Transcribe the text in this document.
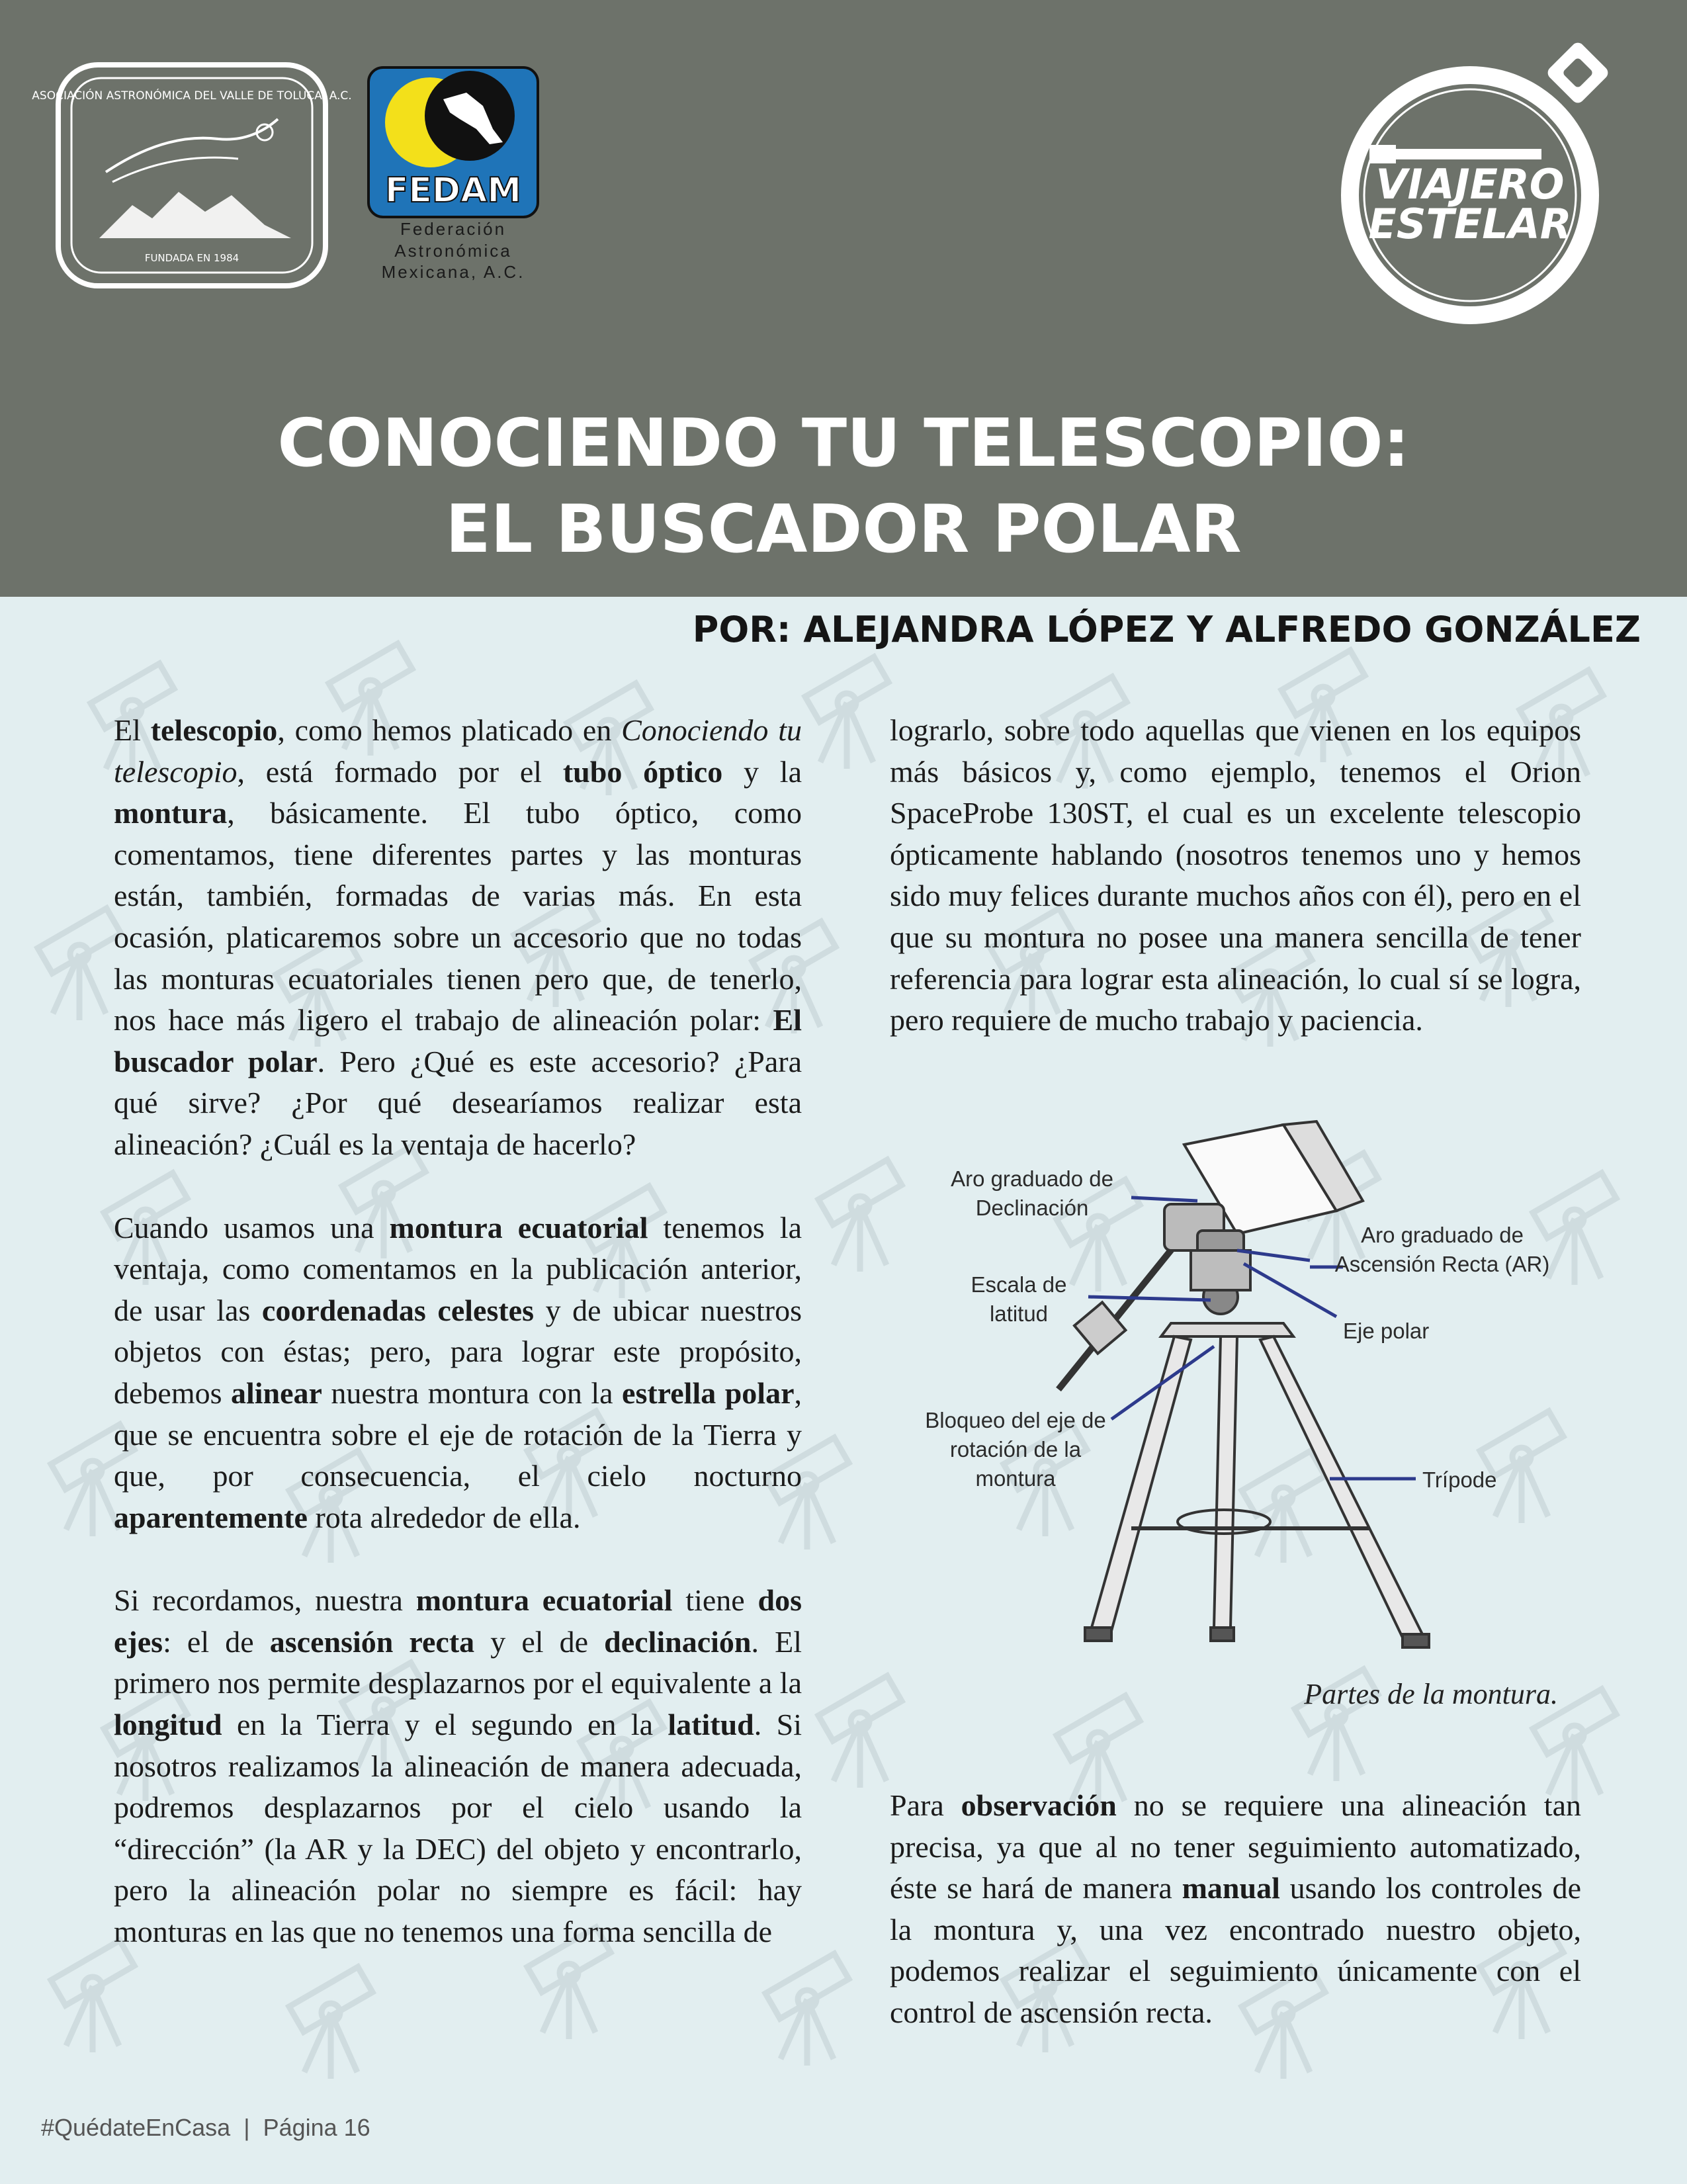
FUNDADA EN 1984
ASOCIACIÓN ASTRONÓMICA DEL VALLE DE TOLUCA, A.C.
FEDAM
Federación
Astronómica
Mexicana, A.C.
VIAJERO
ESTELAR
CONOCIENDO TU TELESCOPIO:
EL BUSCADOR POLAR
POR: ALEJANDRA LÓPEZ Y ALFREDO GONZÁLEZ

El telescopio, como hemos platicado en Conociendo tu telescopio, está formado por el tubo óptico y la montura, básicamente. El tubo óptico, como comentamos, tiene diferentes partes y las monturas están, también, formadas de varias más. En esta ocasión, platicaremos sobre un accesorio que no todas las monturas ecuatoriales tienen pero que, de tenerlo, nos hace más ligero el trabajo de alineación polar: El buscador polar. Pero ¿Qué es este accesorio? ¿Para qué sirve? ¿Por qué desearíamos realizar esta alineación? ¿Cuál es la ventaja de hacerlo?

Cuando usamos una montura ecuatorial tenemos la ventaja, como comentamos en la publicación anterior, de usar las coordenadas celestes y de ubicar nuestros objetos con éstas; pero, para lograr este propósito, debemos alinear nuestra montura con la estrella polar, que se encuentra sobre el eje de rotación de la Tierra y que, por consecuencia, el cielo nocturno aparentemente rota alrededor de ella.

Si recordamos, nuestra montura ecuatorial tiene dos ejes: el de ascensión recta y el de declinación. El primero nos permite desplazarnos por el equivalente a la longitud en la Tierra y el segundo en la latitud. Si nosotros realizamos la alineación de manera adecuada, podremos desplazarnos por el cielo usando la “dirección” (la AR y la DEC) del objeto y encontrarlo, pero la alineación polar no siempre es fácil: hay monturas en las que no tenemos una forma sencilla de

lograrlo, sobre todo aquellas que vienen en los equipos más básicos y, como ejemplo, tenemos el Orion SpaceProbe 130ST, el cual es un excelente telescopio ópticamente hablando (nosotros tenemos uno y hemos sido muy felices durante muchos años con él), pero en el que su montura no posee una manera sencilla de tener referencia para lograr esta alineación, lo cual sí se logra, pero requiere de mucho trabajo y paciencia.

Aro graduado de Declinación
Aro graduado de Ascensión Recta (AR)
Escala de latitud
Eje polar
Bloqueo del eje de rotación de la montura	Trípode
Partes de la montura.

Para observación no se requiere una alineación tan precisa, ya que al no tener seguimiento automatizado, éste se hará de manera manual usando los controles de la montura y, una vez encontrado nuestro objeto, podemos realizar el seguimiento únicamente con el control de ascensión recta.

#QuédateEnCasa  |  Página 16
